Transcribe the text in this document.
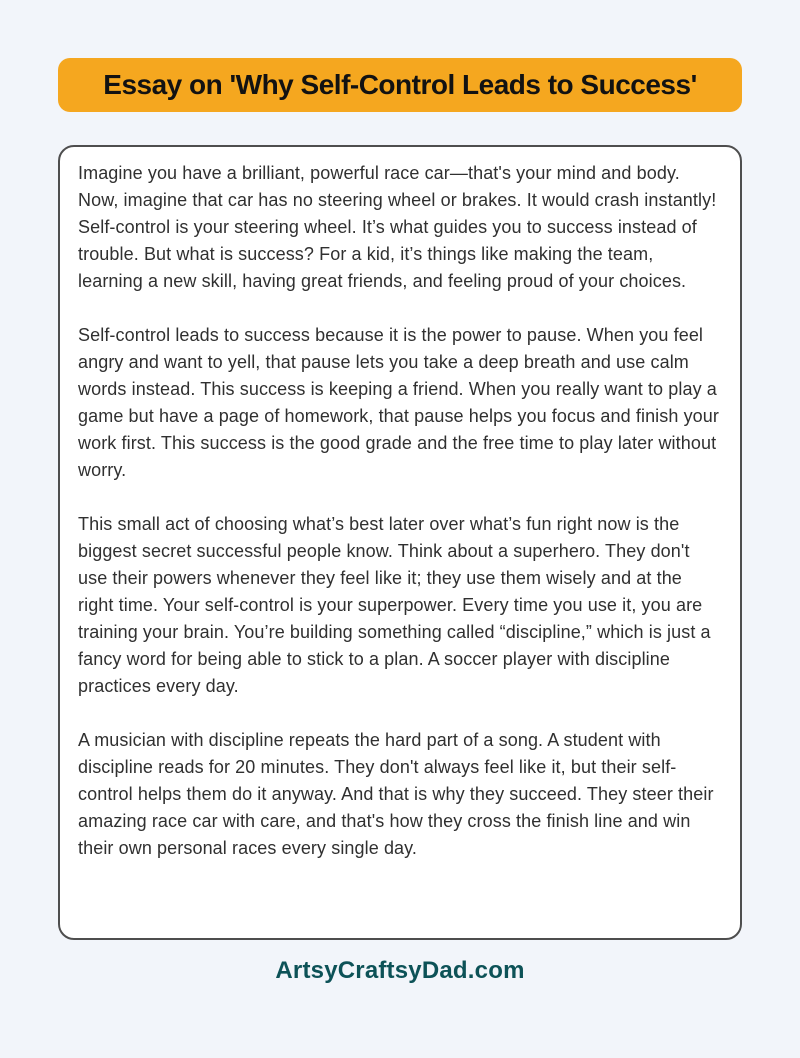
Essay on 'Why Self-Control Leads to Success'

Imagine you have a brilliant, powerful race car—that's your mind and body. Now, imagine that car has no steering wheel or brakes. It would crash instantly! Self-control is your steering wheel. It’s what guides you to success instead of trouble. But what is success? For a kid, it’s things like making the team, learning a new skill, having great friends, and feeling proud of your choices.

Self-control leads to success because it is the power to pause. When you feel angry and want to yell, that pause lets you take a deep breath and use calm words instead. This success is keeping a friend. When you really want to play a game but have a page of homework, that pause helps you focus and finish your work first. This success is the good grade and the free time to play later without worry.

This small act of choosing what’s best later over what’s fun right now is the biggest secret successful people know. Think about a superhero. They don't use their powers whenever they feel like it; they use them wisely and at the right time. Your self-control is your superpower. Every time you use it, you are training your brain. You’re building something called “discipline,” which is just a fancy word for being able to stick to a plan. A soccer player with discipline practices every day.

A musician with discipline repeats the hard part of a song. A student with discipline reads for 20 minutes. They don't always feel like it, but their self-control helps them do it anyway. And that is why they succeed. They steer their amazing race car with care, and that's how they cross the finish line and win their own personal races every single day.

ArtsyCraftsyDad.com
